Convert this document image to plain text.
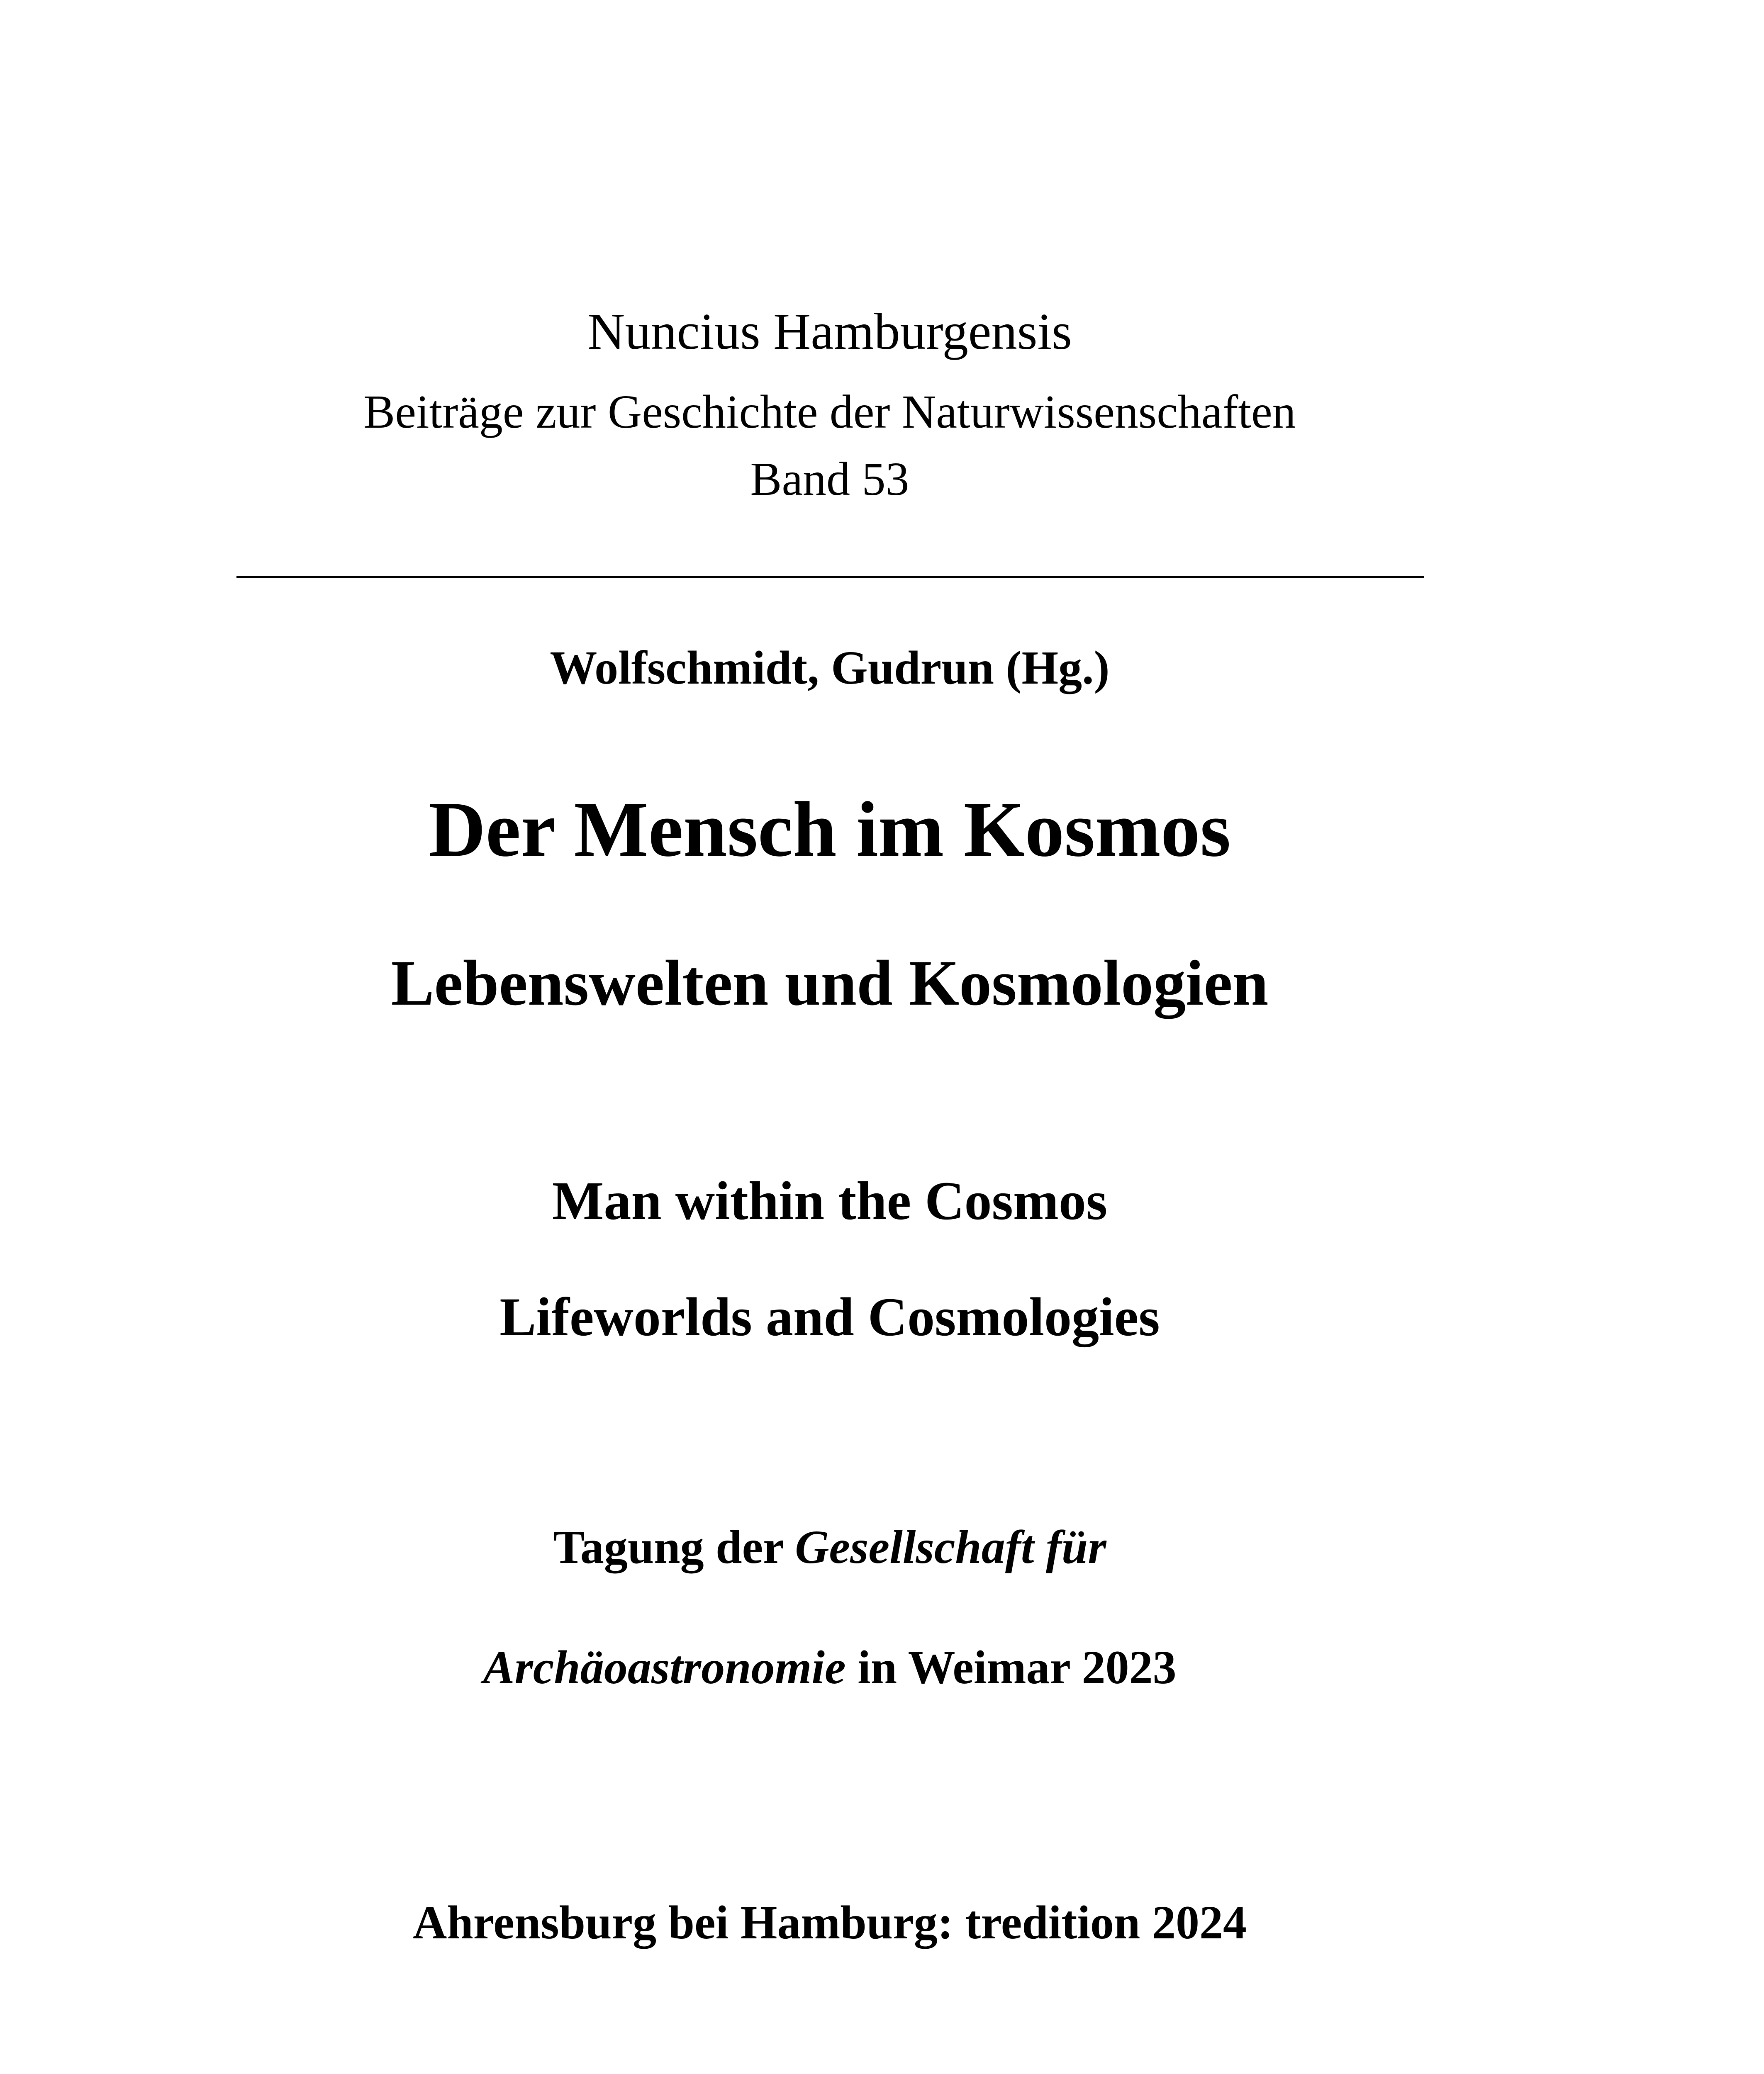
Nuncius Hamburgensis
Beiträge zur Geschichte der Naturwissenschaften
Band 53
Wolfschmidt, Gudrun (Hg.)
Der Mensch im Kosmos
Lebenswelten und Kosmologien
Man within the Cosmos
Lifeworlds and Cosmologies
Tagung der Gesellschaft für
Archäoastronomie in Weimar 2023
Ahrensburg bei Hamburg: tredition 2024
